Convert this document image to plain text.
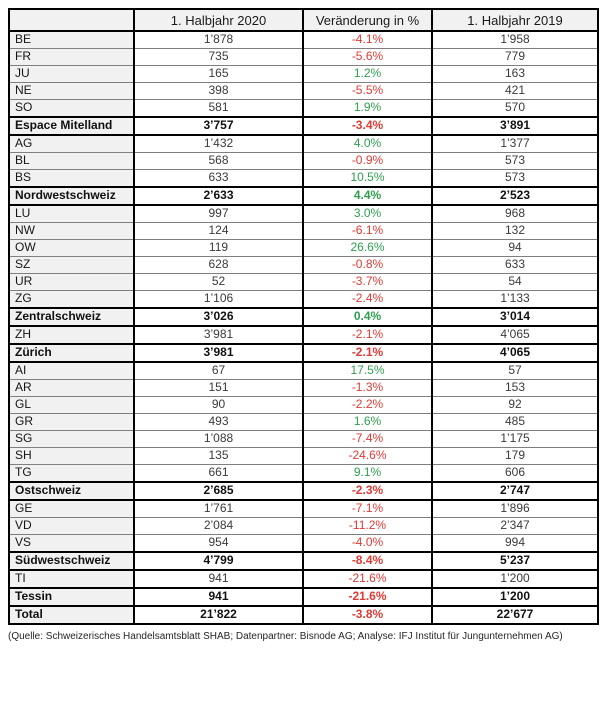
	1. Halbjahr 2020	Veränderung in %	1. Halbjahr 2019
BE	1’878	-4.1%	1’958
FR	735	-5.6%	779
JU	165	1.2%	163
NE	398	-5.5%	421
SO	581	1.9%	570
Espace Mitelland	3’757	-3.4%	3’891
AG	1’432	4.0%	1’377
BL	568	-0.9%	573
BS	633	10.5%	573
Nordwestschweiz	2’633	4.4%	2’523
LU	997	3.0%	968
NW	124	-6.1%	132
OW	119	26.6%	94
SZ	628	-0.8%	633
UR	52	-3.7%	54
ZG	1’106	-2.4%	1’133
Zentralschweiz	3’026	0.4%	3’014
ZH	3’981	-2.1%	4’065
Zürich	3’981	-2.1%	4’065
AI	67	17.5%	57
AR	151	-1.3%	153
GL	90	-2.2%	92
GR	493	1.6%	485
SG	1’088	-7.4%	1’175
SH	135	-24.6%	179
TG	661	9.1%	606
Ostschweiz	2’685	-2.3%	2’747
GE	1’761	-7.1%	1’896
VD	2’084	-11.2%	2’347
VS	954	-4.0%	994
Südwestschweiz	4’799	-8.4%	5’237
TI	941	-21.6%	1’200
Tessin	941	-21.6%	1’200
Total	21’822	-3.8%	22’677
(Quelle: Schweizerisches Handelsamtsblatt SHAB; Datenpartner: Bisnode AG; Analyse: IFJ Institut für Jungunternehmen AG)
